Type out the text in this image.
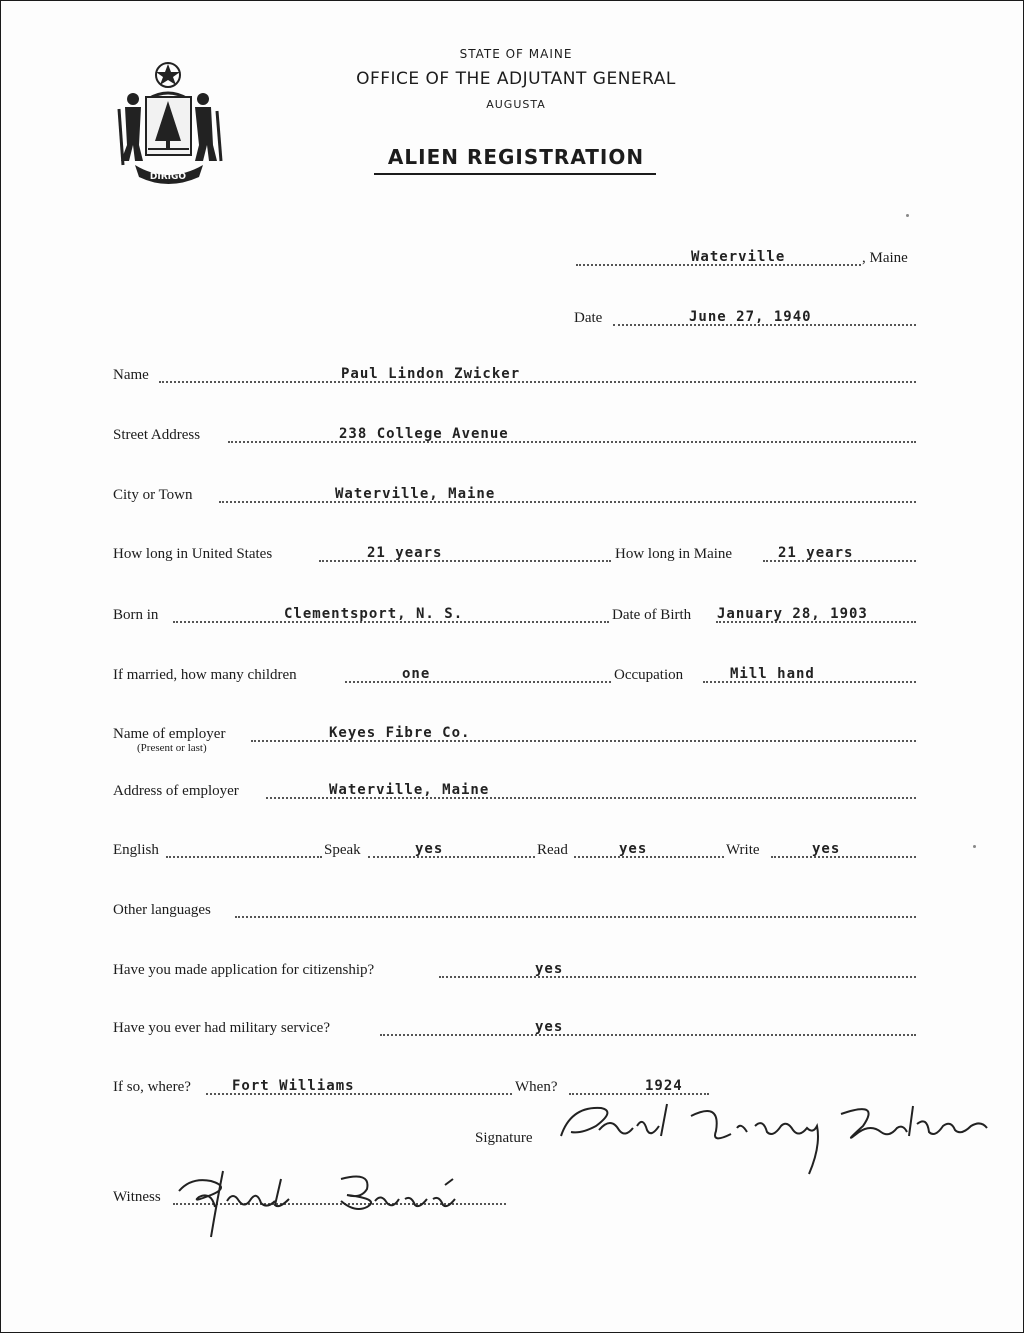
DIRIGO
STATE OF MAINE
OFFICE OF THE ADJUTANT GENERAL
AUGUSTA
ALIEN REGISTRATION
Waterville	, Maine
Date	June 27, 1940
Name	Paul Lindon Zwicker
Street Address	238 College Avenue
City or Town	Waterville, Maine
How long in United States	21 years	How long in Maine	21 years
Born in	Clementsport, N. S.	Date of Birth January 28, 1903
If married, how many children	one	Occupation	Mill hand
Name of employer	Keyes Fibre Co.
(Present or last)
Address of employer	Waterville, Maine
English	Speak	yes	Read	yes	Write	yes
Other languages
Have you made application for citizenship?	yes
Have you ever had military service?	yes
If so, where?	Fort Williams	When?	1924
Signature
Witness
